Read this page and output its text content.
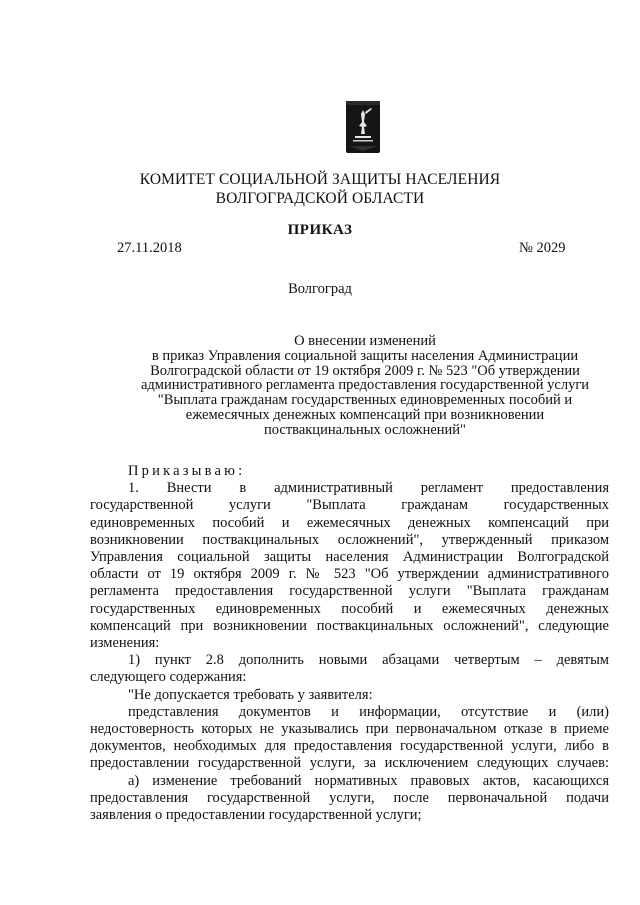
КОМИТЕТ СОЦИАЛЬНОЙ ЗАЩИТЫ НАСЕЛЕНИЯ
ВОЛГОГРАДСКОЙ ОБЛАСТИ
ПРИКАЗ
27.11.2018	№ 2029
Волгоград
О внесении изменений
в приказ Управления социальной защиты населения Администрации
Волгоградской области от 19 октября 2009 г. № 523 "Об утверждении
административного регламента предоставления государственной услуги
"Выплата гражданам государственных единовременных пособий и
ежемесячных денежных компенсаций при возникновении
поствакцинальных осложнений"
Приказываю:
1. Внести в административный регламент предоставления
государственной услуги "Выплата гражданам государственных
единовременных пособий и ежемесячных денежных компенсаций при
возникновении поствакцинальных осложнений", утвержденный приказом
Управления социальной защиты населения Администрации Волгоградской
области от 19 октября 2009 г. № 523 "Об утверждении административного
регламента предоставления государственной услуги "Выплата гражданам
государственных единовременных пособий и ежемесячных денежных
компенсаций при возникновении поствакцинальных осложнений", следующие
изменения:
1) пункт 2.8 дополнить новыми абзацами четвертым – девятым
следующего содержания:
"Не допускается требовать у заявителя:
представления документов и информации, отсутствие и (или)
недостоверность которых не указывались при первоначальном отказе в приеме
документов, необходимых для предоставления государственной услуги, либо в
предоставлении государственной услуги, за исключением следующих случаев:
а) изменение требований нормативных правовых актов, касающихся
предоставления государственной услуги, после первоначальной подачи
заявления о предоставлении государственной услуги;
